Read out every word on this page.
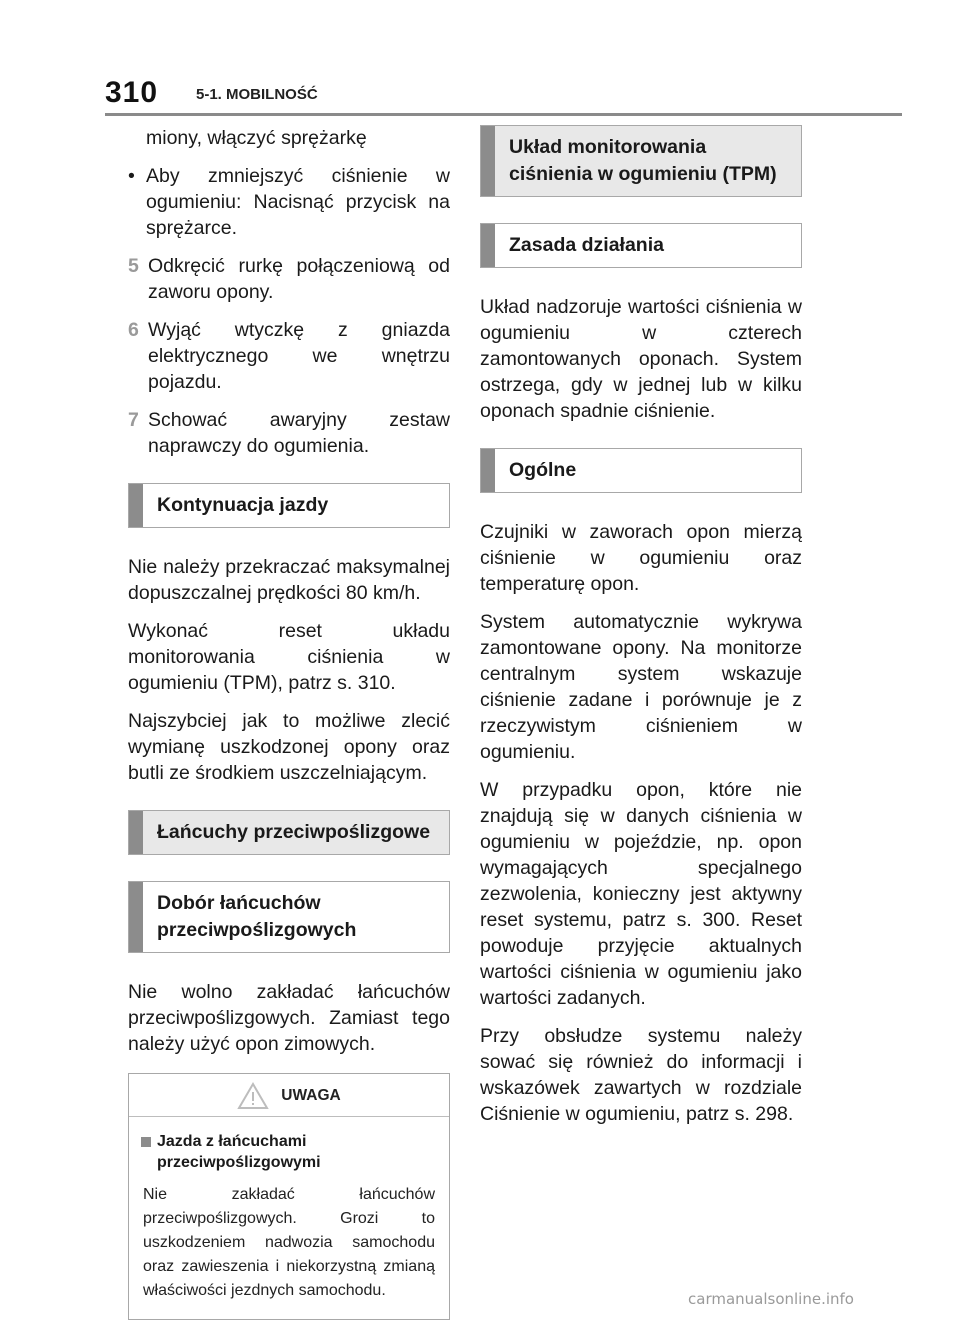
310	5-1. MOBILNOŚĆ

miony, włączyć sprężarkę

• Aby zmniejszyć ciśnienie w ogumieniu: Nacisnąć przycisk na sprężarce.
5 Odkręcić rurkę połączeniową od zaworu opony.
6 Wyjąć wtyczkę z gniazda elektrycznego we wnętrzu pojazdu.
7 Schować awaryjny zestaw naprawczy do ogumienia.
Kontynuacja jazdy

Nie należy przekraczać maksymalnej dopuszczalnej prędkości 80 km/h.

Wykonać reset układu monitorowania ciśnienia w ogumieniu (TPM), patrz s. 310.

Najszybciej jak to możliwe zlecić wymianę uszkodzonej opony oraz butli ze środkiem uszczelniającym.

Łańcuchy przeciwpoślizgowe
Dobór łańcuchów przeciwpoślizgowych

Nie wolno zakładać łańcuchów przeciwpoślizgowych. Zamiast tego należy użyć opon zimowych.

UWAGA
Jazda z łańcuchami przeciwpoślizgowymi
Nie zakładać łańcuchów przeciwpoślizgowych. Grozi to uszkodzeniem nadwozia samochodu oraz zawieszenia i niekorzystną zmianą właściwości jezdnych samochodu.
Układ monitorowania ciśnienia w ogumieniu (TPM)
Zasada działania

Układ nadzoruje wartości ciśnienia w ogumieniu w czterech zamontowanych oponach. System ostrzega, gdy w jednej lub w kilku oponach spadnie ciśnienie.

Ogólne

Czujniki w zaworach opon mierzą ciśnienie w ogumieniu oraz temperaturę opon.

System automatycznie wykrywa zamontowane opony. Na monitorze centralnym system wskazuje ciśnienie zadane i porównuje je z rzeczywistym ciśnieniem w ogumieniu.

W przypadku opon, które nie znajdują się w danych ciśnienia w ogumieniu w pojeździe, np. opon wymagających specjalnego zezwolenia, konieczny jest aktywny reset systemu, patrz s. 300. Reset powoduje przyjęcie aktualnych wartości ciśnienia w ogumieniu jako wartości zadanych.

Przy obsłudze systemu należy sować się również do informacji i wskazówek zawartych w rozdziale Ciśnienie w ogumieniu, patrz s. 298.

carmanualsonline.info
